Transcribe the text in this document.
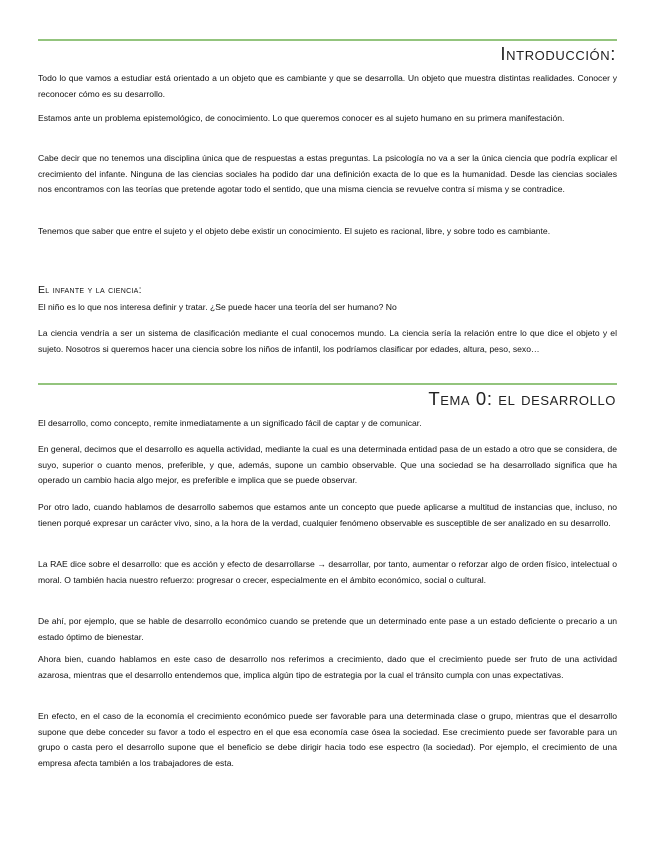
Introducción:

Todo lo que vamos a estudiar está orientado a un objeto que es cambiante y que se desarrolla. Un objeto que muestra distintas realidades. Conocer y reconocer cómo es su desarrollo.

Estamos ante un problema epistemológico, de conocimiento. Lo que queremos conocer es al sujeto humano en su primera manifestación.

Cabe decir que no tenemos una disciplina única que de respuestas a estas preguntas. La psicología no va a ser la única ciencia que podría explicar el crecimiento del infante. Ninguna de las ciencias sociales ha podido dar una definición exacta de lo que es la humanidad. Desde las ciencias sociales nos encontramos con las teorías que pretende agotar todo el sentido, que una misma ciencia se revuelve contra sí misma y se contradice.

Tenemos que saber que entre el sujeto y el objeto debe existir un conocimiento. El sujeto es racional, libre, y sobre todo es cambiante.

El infante y la ciencia:

El niño es lo que nos interesa definir y tratar. ¿Se puede hacer una teoría del ser humano? No

La ciencia vendría a ser un sistema de clasificación mediante el cual conocemos mundo. La ciencia sería la relación entre lo que dice el objeto y el sujeto. Nosotros si queremos hacer una ciencia sobre los niños de infantil, los podríamos clasificar por edades, altura, peso, sexo…

Tema 0: el desarrollo

El desarrollo, como concepto, remite inmediatamente a un significado fácil de captar y de comunicar.

En general, decimos que el desarrollo es aquella actividad, mediante la cual es una determinada entidad pasa de un estado a otro que se considera, de suyo, superior o cuanto menos, preferible, y que, además, supone un cambio observable. Que una sociedad se ha desarrollado significa que ha operado un cambio hacia algo mejor, es preferible e implica que se puede observar.

Por otro lado, cuando hablamos de desarrollo sabemos que estamos ante un concepto que puede aplicarse a multitud de instancias que, incluso, no tienen porqué expresar un carácter vivo, sino, a la hora de la verdad, cualquier fenómeno observable es susceptible de ser analizado en su desarrollo.

La RAE dice sobre el desarrollo: que es acción y efecto de desarrollarse → desarrollar, por tanto, aumentar o reforzar algo de orden físico, intelectual o moral. O también hacia nuestro refuerzo: progresar o crecer, especialmente en el ámbito económico, social o cultural.

De ahí, por ejemplo, que se hable de desarrollo económico cuando se pretende que un determinado ente pase a un estado deficiente o precario a un estado óptimo de bienestar.

Ahora bien, cuando hablamos en este caso de desarrollo nos referimos a crecimiento, dado que el crecimiento puede ser fruto de una actividad azarosa, mientras que el desarrollo entendemos que, implica algún tipo de estrategia por la cual el tránsito cumpla con unas expectativas.

En efecto, en el caso de la economía el crecimiento económico puede ser favorable para una determinada clase o grupo, mientras que el desarrollo supone que debe conceder su favor a todo el espectro en el que esa economía case ósea la sociedad. Ese crecimiento puede ser favorable para un grupo o casta pero el desarrollo supone que el beneficio se debe dirigir hacia todo ese espectro (la sociedad). Por ejemplo, el crecimiento de una empresa afecta también a los trabajadores de esta.
